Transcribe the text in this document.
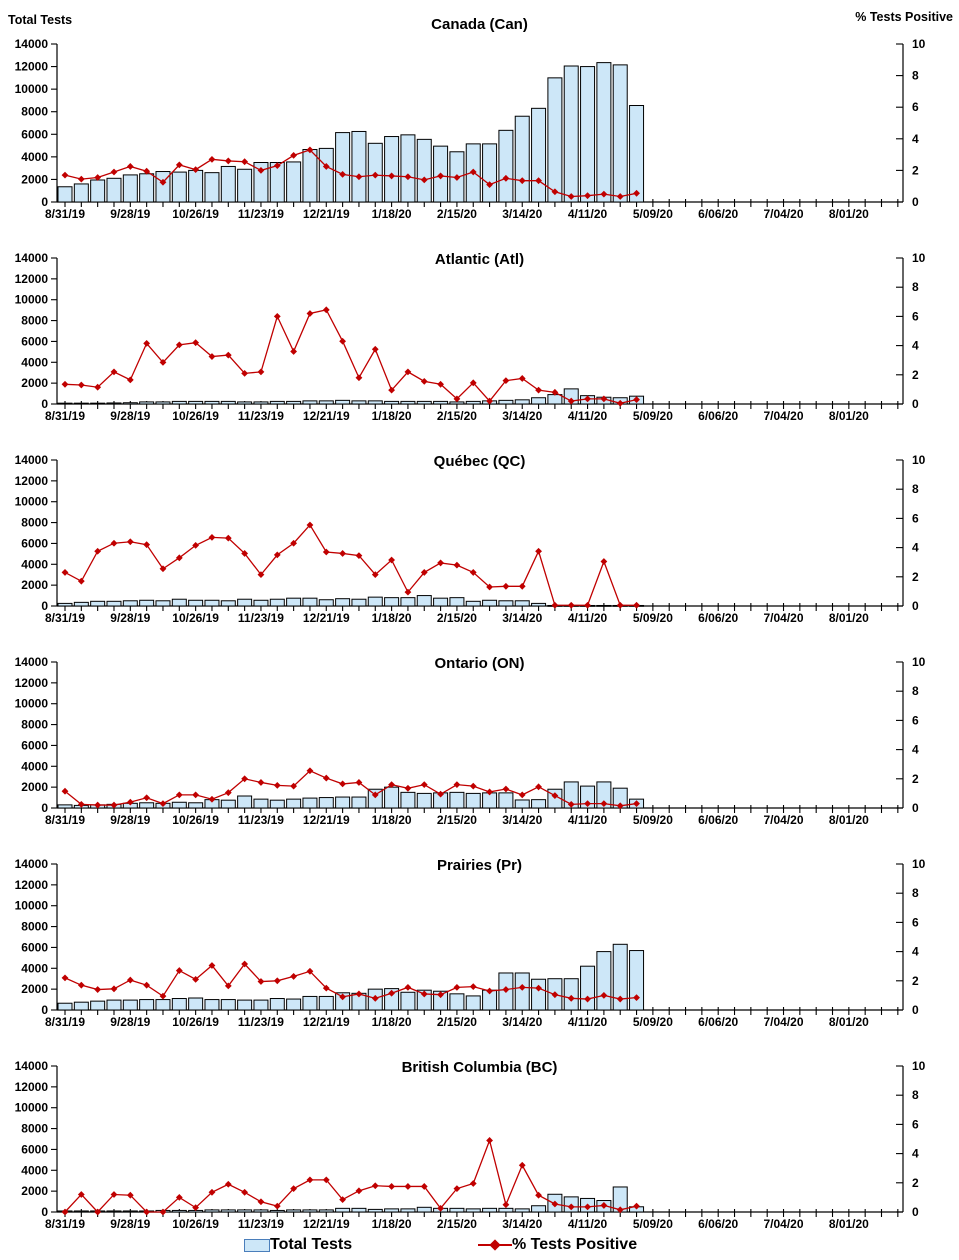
Total Tests	% Tests Positive
Canada (Can)
0
2000
4000
6000
8000
10000
12000
14000
0
2
4
6
8
10
8/31/19 9/28/19 10/26/19 11/23/19 12/21/19 1/18/20 2/15/20 3/14/20 4/11/20 5/09/20 6/06/20 7/04/20 8/01/20
Atlantic (Atl)
0
2000
4000
6000
8000
10000
12000
14000
0
2
4
6
8
10
8/31/19 9/28/19 10/26/19 11/23/19 12/21/19 1/18/20 2/15/20 3/14/20 4/11/20 5/09/20 6/06/20 7/04/20 8/01/20
Québec (QC)
0
2000
4000
6000
8000
10000
12000
14000
0
2
4
6
8
10
8/31/19 9/28/19 10/26/19 11/23/19 12/21/19 1/18/20 2/15/20 3/14/20 4/11/20 5/09/20 6/06/20 7/04/20 8/01/20
Ontario (ON)
0
2000
4000
6000
8000
10000
12000
14000
0
2
4
6
8
10
8/31/19 9/28/19 10/26/19 11/23/19 12/21/19 1/18/20 2/15/20 3/14/20 4/11/20 5/09/20 6/06/20 7/04/20 8/01/20
Prairies (Pr)
0
2000
4000
6000
8000
10000
12000
14000
0
2
4
6
8
10
8/31/19 9/28/19 10/26/19 11/23/19 12/21/19 1/18/20 2/15/20 3/14/20 4/11/20 5/09/20 6/06/20 7/04/20 8/01/20
British Columbia (BC)
0
2000
4000
6000
8000
10000
12000
14000
0
2
4
6
8
10
8/31/19 9/28/19 10/26/19 11/23/19 12/21/19 1/18/20 2/15/20 3/14/20 4/11/20 5/09/20 6/06/20 7/04/20 8/01/20
Total Tests	% Tests Positive
